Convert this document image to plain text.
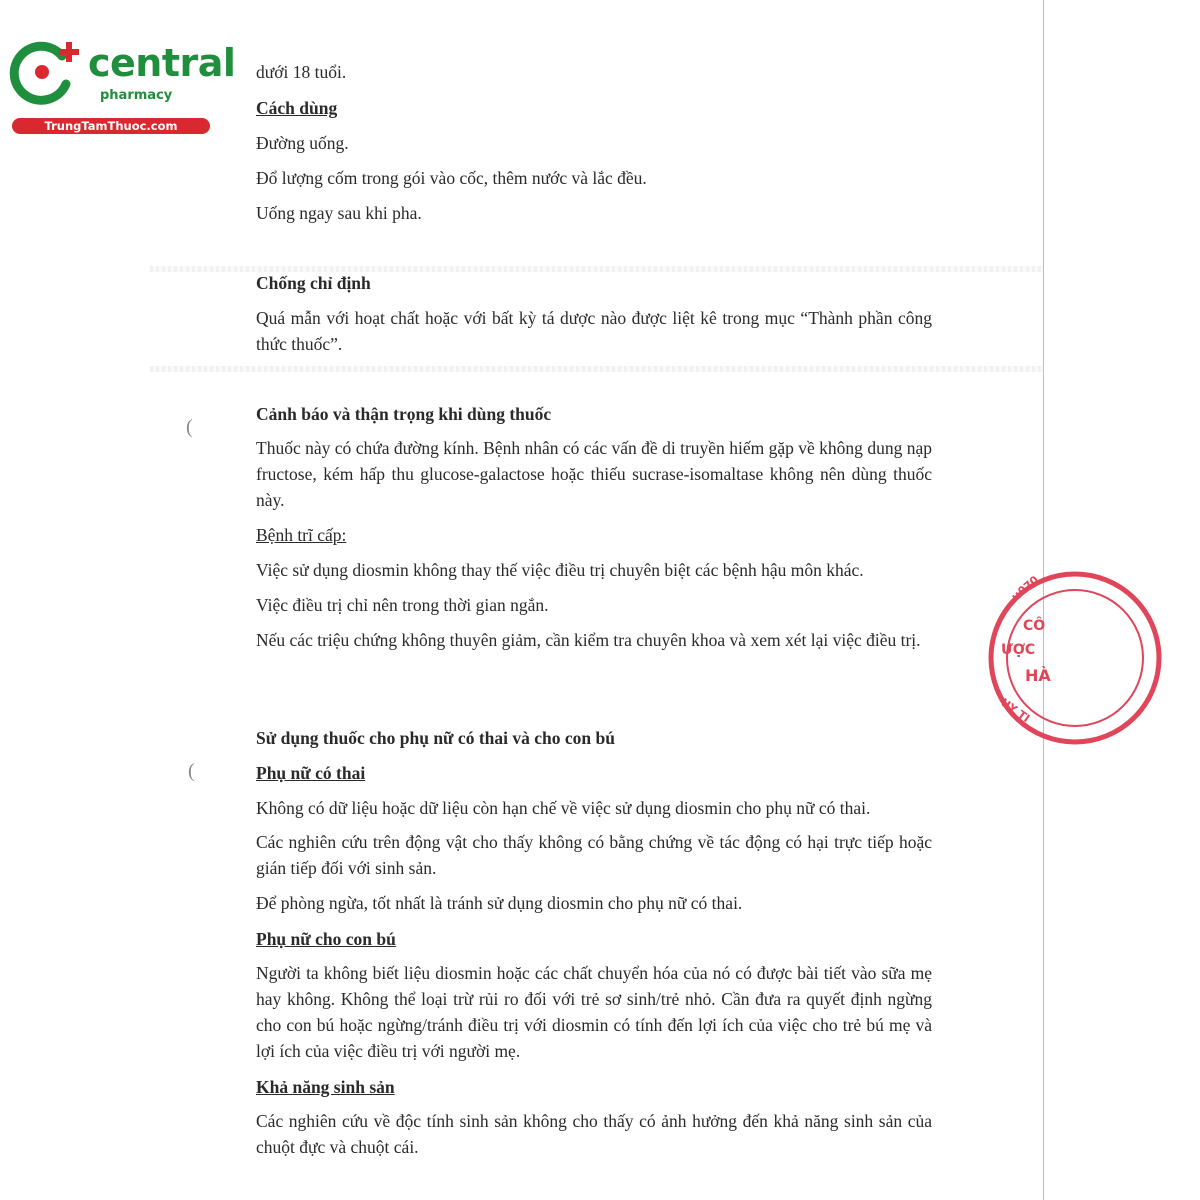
central
pharmacy
TrungTamThuoc.com
dưới 18 tuổi.
Cách dùng
Đường uống.
Đổ lượng cốm trong gói vào cốc, thêm nước và lắc đều.
Uống ngay sau khi pha.
Chống chỉ định
Quá mẫn với hoạt chất hoặc với bất kỳ tá dược nào được liệt kê trong mục “Thành phần công thức thuốc”.
Cảnh báo và thận trọng khi dùng thuốc
Thuốc này có chứa đường kính. Bệnh nhân có các vấn đề di truyền hiếm gặp về không dung nạp fructose, kém hấp thu glucose-galactose hoặc thiếu sucrase-isomaltase không nên dùng thuốc này.
Bệnh trĩ cấp:
Việc sử dụng diosmin không thay thế việc điều trị chuyên biệt các bệnh hậu môn khác.
Việc điều trị chỉ nên trong thời gian ngắn.
Nếu các triệu chứng không thuyên giảm, cần kiểm tra chuyên khoa và xem xét lại việc điều trị.
Sử dụng thuốc cho phụ nữ có thai và cho con bú
Phụ nữ có thai
Không có dữ liệu hoặc dữ liệu còn hạn chế về việc sử dụng diosmin cho phụ nữ có thai.
Các nghiên cứu trên động vật cho thấy không có bằng chứng về tác động có hại trực tiếp hoặc gián tiếp đối với sinh sản.
Để phòng ngừa, tốt nhất là tránh sử dụng diosmin cho phụ nữ có thai.
Phụ nữ cho con bú
Người ta không biết liệu diosmin hoặc các chất chuyển hóa của nó có được bài tiết vào sữa mẹ hay không. Không thể loại trừ rủi ro đối với trẻ sơ sinh/trẻ nhỏ. Cần đưa ra quyết định ngừng cho con bú hoặc ngừng/tránh điều trị với diosmin có tính đến lợi ích của việc cho trẻ bú mẹ và lợi ích của việc điều trị với người mẹ.
Khả năng sinh sản
Các nghiên cứu về độc tính sinh sản không cho thấy có ảnh hưởng đến khả năng sinh sản của chuột đực và chuột cái.
(
(
::070
CÔ
ƯỢC
HÀ
UY TI
